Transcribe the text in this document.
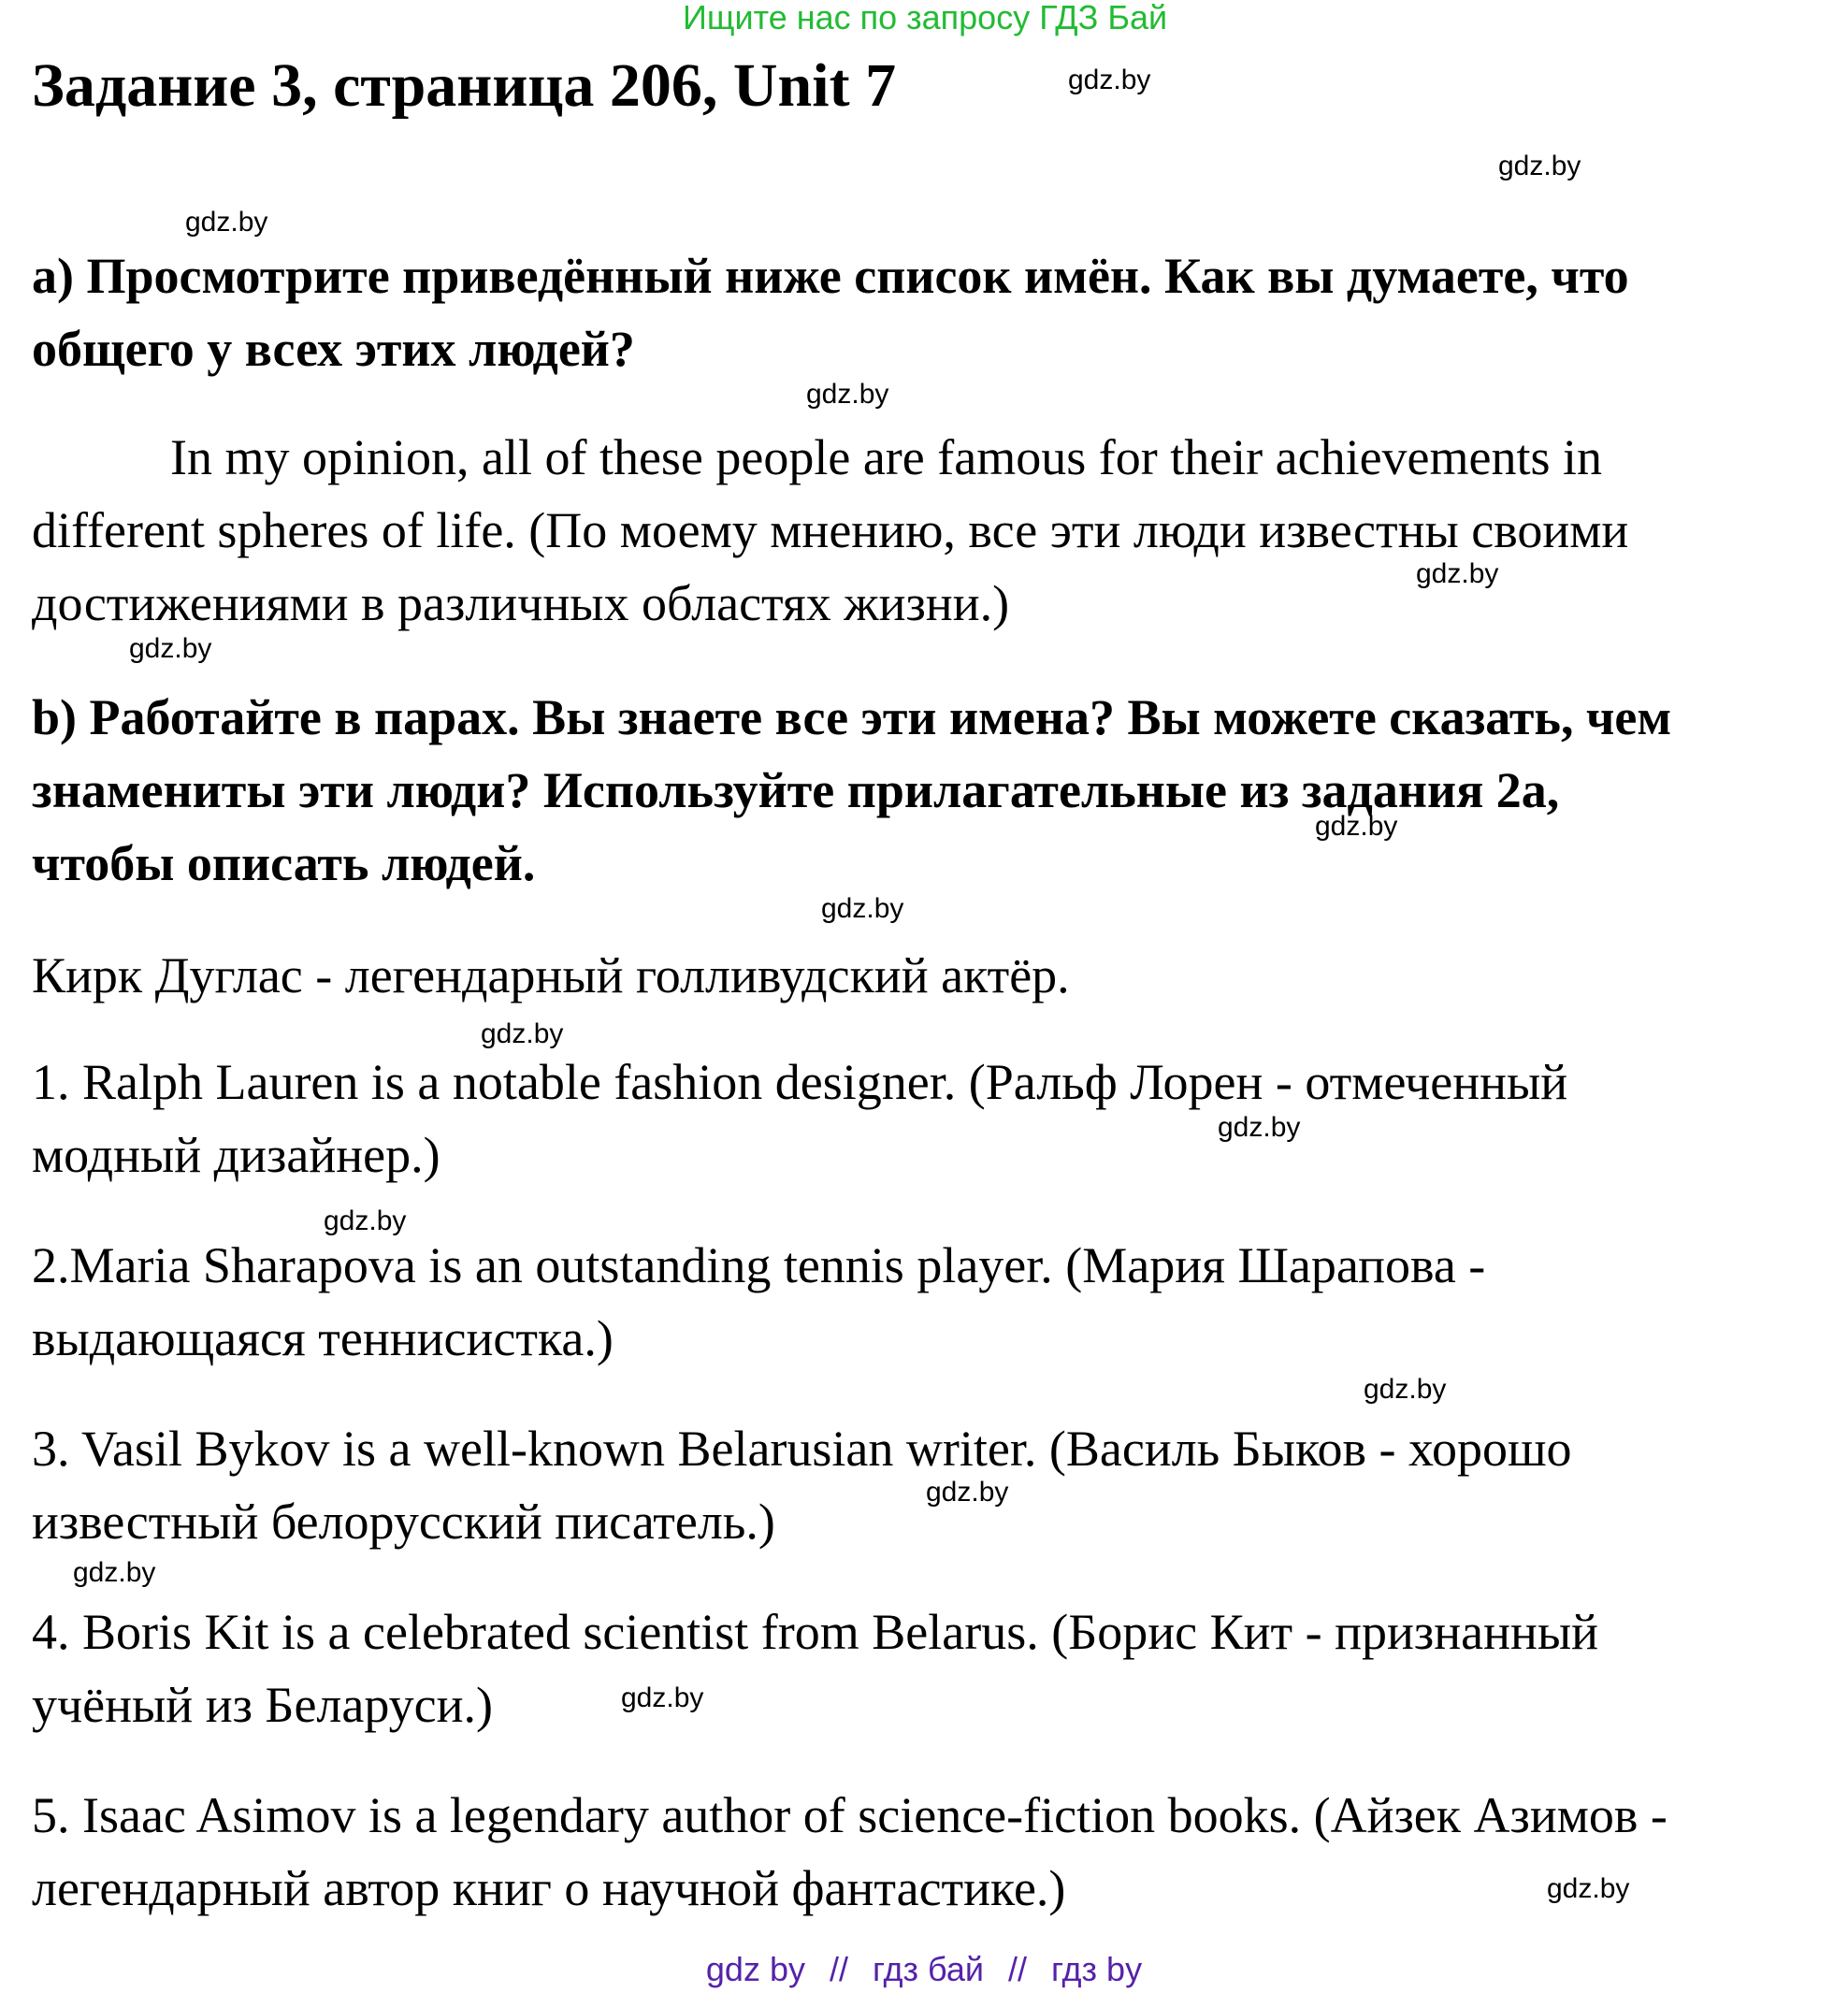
Ищите нас по запросу ГДЗ Бай
Задание 3, страница 206, Unit 7

a) Просмотрите приведённый ниже список имён. Как вы думаете, что
общего у всех этих людей?

In my opinion, all of these people are famous for their achievements in
different spheres of life. (По моему мнению, все эти люди известны своими
достижениями в различных областях жизни.)

b) Работайте в парах. Вы знаете все эти имена? Вы можете сказать, чем
знамениты эти люди? Используйте прилагательные из задания 2а,
чтобы описать людей.

Кирк Дуглас - легендарный голливудский актёр.

1. Ralph Lauren is a notable fashion designer. (Ральф Лорен - отмеченный
модный дизайнер.)

2.Maria Sharapova is an outstanding tennis player. (Мария Шарапова -
выдающаяся теннисистка.)

3. Vasil Bykov is a well-known Belarusian writer. (Василь Быков - хорошо
известный белорусский писатель.)

4. Boris Kit is a celebrated scientist from Belarus. (Борис Кит - признанный
учёный из Беларуси.)

5. Isaac Asimov is a legendary author of science-fiction books. (Айзек Азимов -
легендарный автор книг о научной фантастике.)

gdz.by
gdz.by
gdz.by
gdz.by
gdz.by
gdz.by
gdz.by
gdz.by
gdz.by
gdz.by
gdz.by
gdz.by
gdz.by
gdz.by
gdz.by
gdz.by
gdz by // гдз бай // гдз by
